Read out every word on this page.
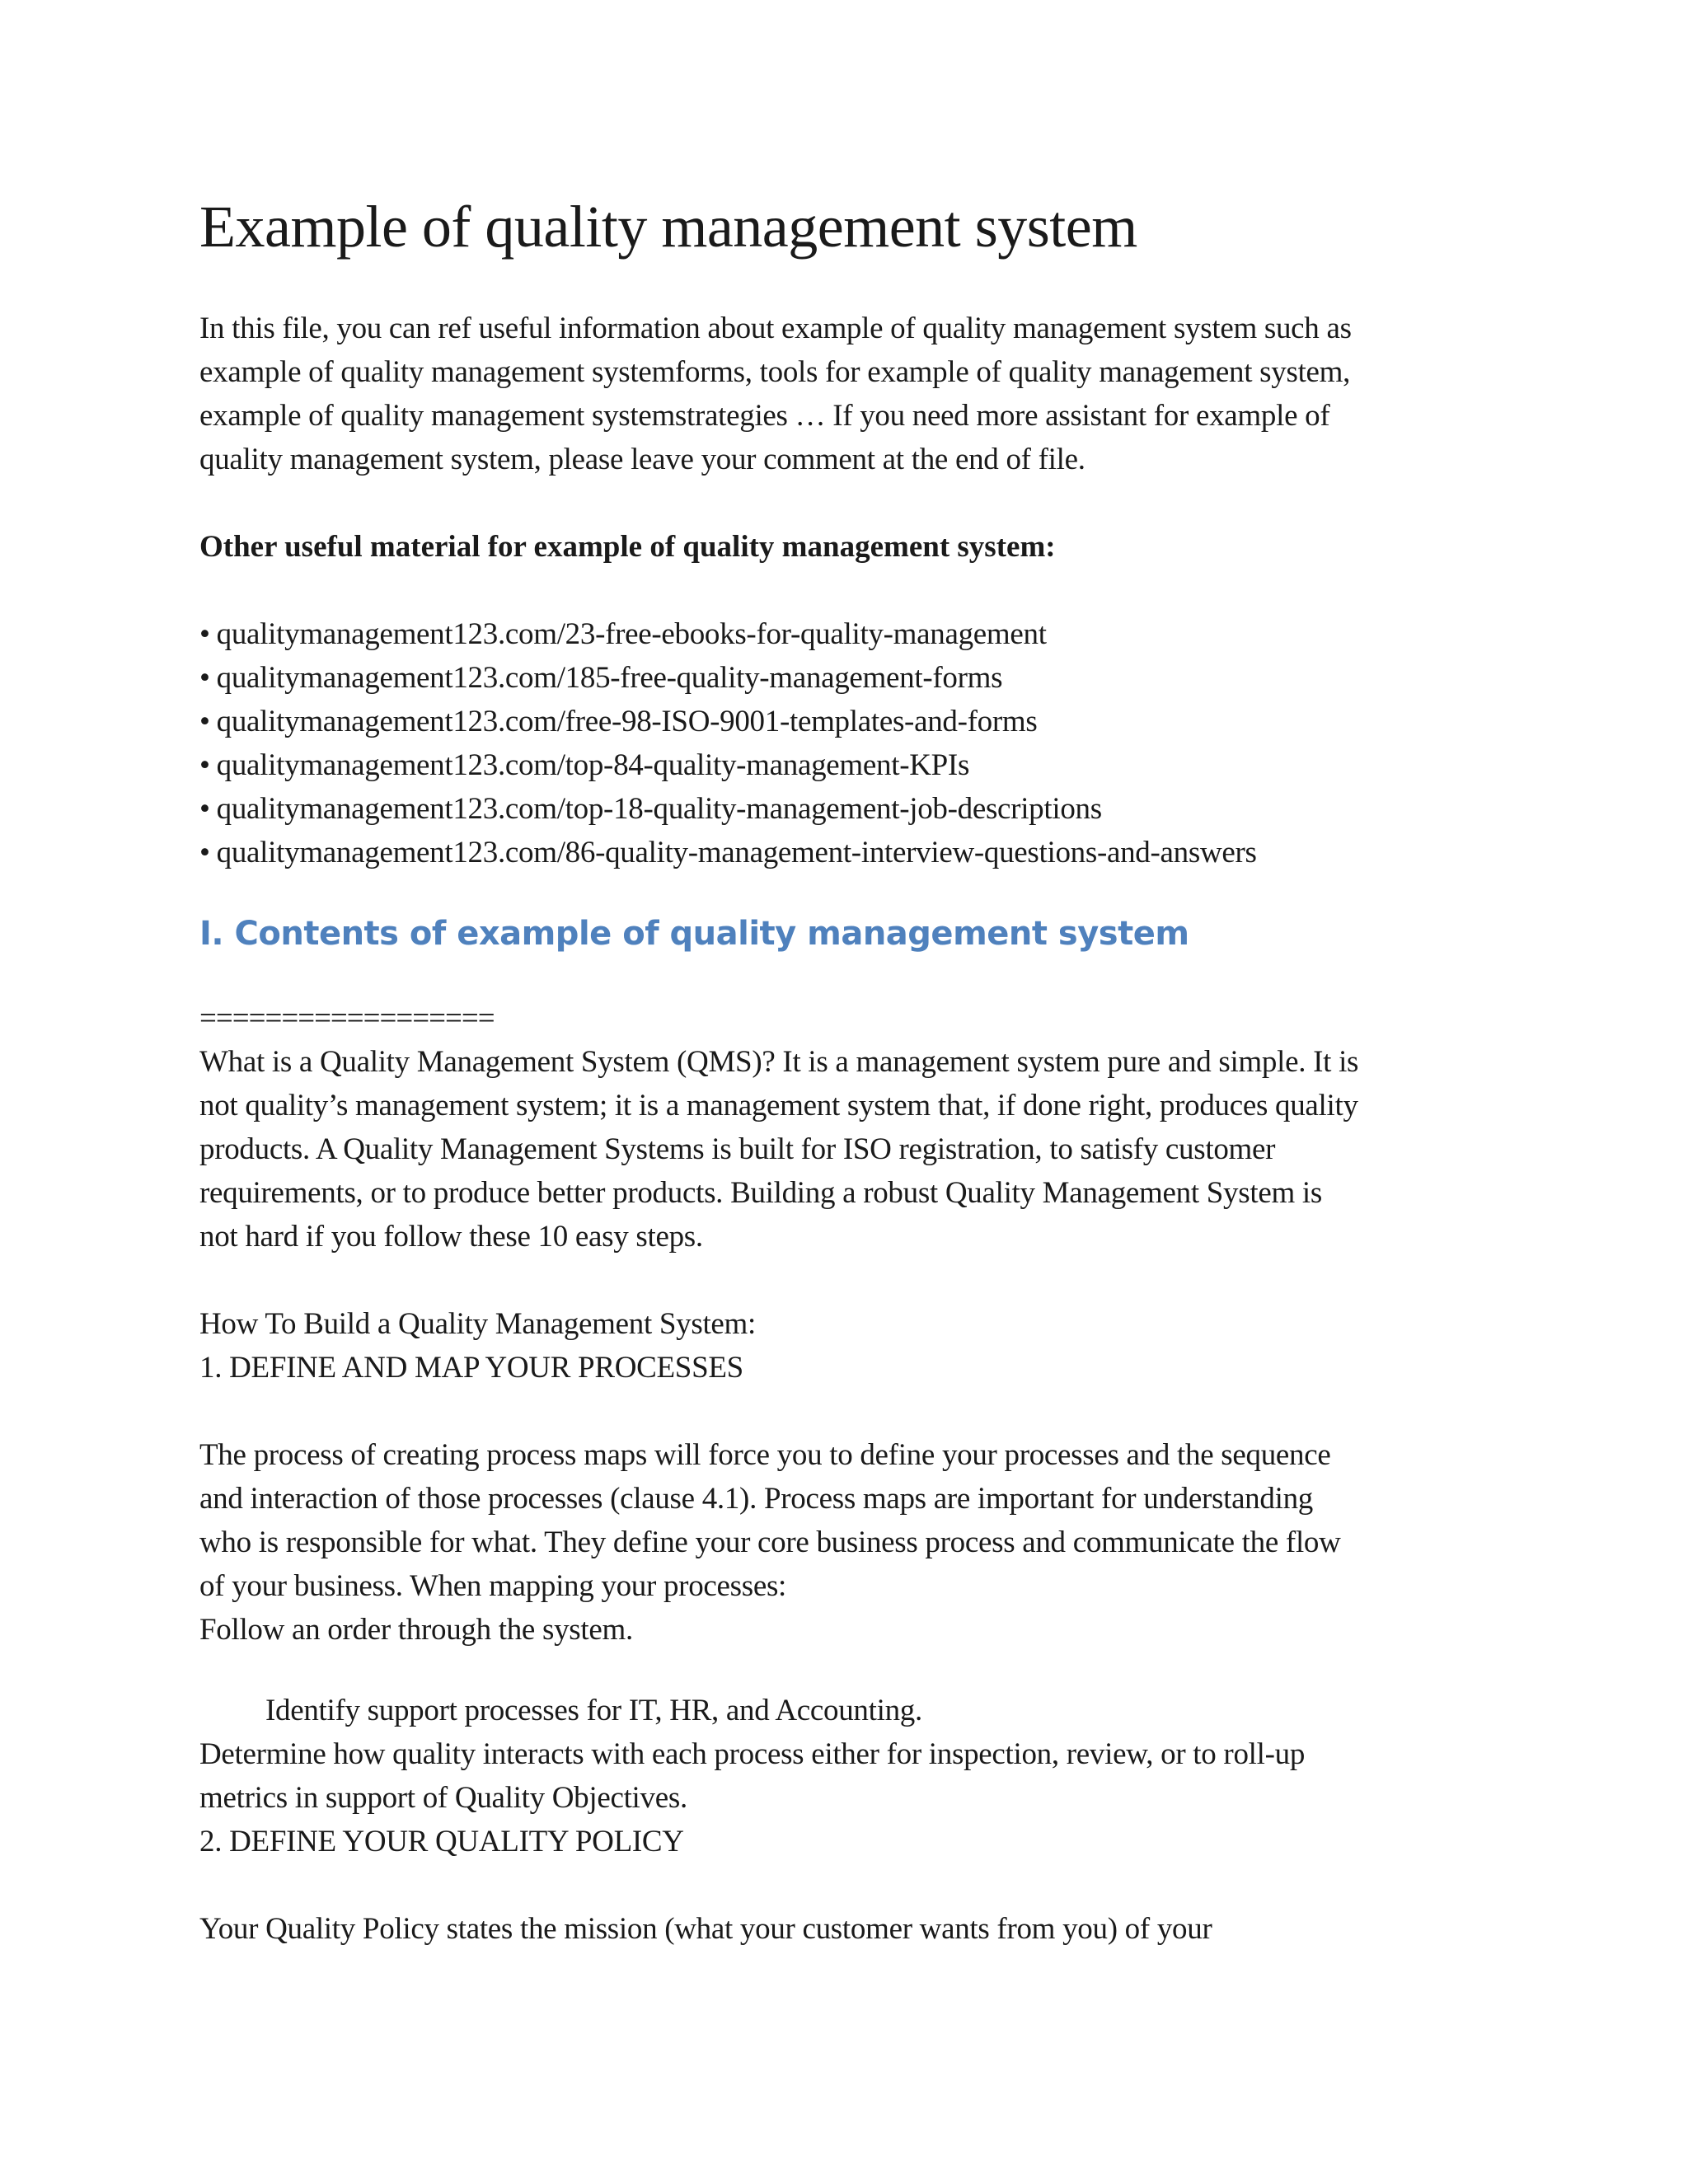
Example of quality management system

In this file, you can ref useful information about example of quality management system such as
example of quality management systemforms, tools for example of quality management system,
example of quality management systemstrategies … If you need more assistant for example of
quality management system, please leave your comment at the end of file.

Other useful material for example of quality management system:

• qualitymanagement123.com/23-free-ebooks-for-quality-management
• qualitymanagement123.com/185-free-quality-management-forms
• qualitymanagement123.com/free-98-ISO-9001-templates-and-forms
• qualitymanagement123.com/top-84-quality-management-KPIs
• qualitymanagement123.com/top-18-quality-management-job-descriptions
• qualitymanagement123.com/86-quality-management-interview-questions-and-answers
I. Contents of example of quality management system
==================

What is a Quality Management System (QMS)? It is a management system pure and simple. It is
not quality’s management system; it is a management system that, if done right, produces quality
products. A Quality Management Systems is built for ISO registration, to satisfy customer
requirements, or to produce better products. Building a robust Quality Management System is
not hard if you follow these 10 easy steps.

How To Build a Quality Management System:
1. DEFINE AND MAP YOUR PROCESSES

The process of creating process maps will force you to define your processes and the sequence
and interaction of those processes (clause 4.1). Process maps are important for understanding
who is responsible for what. They define your core business process and communicate the flow
of your business. When mapping your processes:
Follow an order through the system.

Identify support processes for IT, HR, and Accounting.
Determine how quality interacts with each process either for inspection, review, or to roll-up
metrics in support of Quality Objectives.
2. DEFINE YOUR QUALITY POLICY

Your Quality Policy states the mission (what your customer wants from you) of your
